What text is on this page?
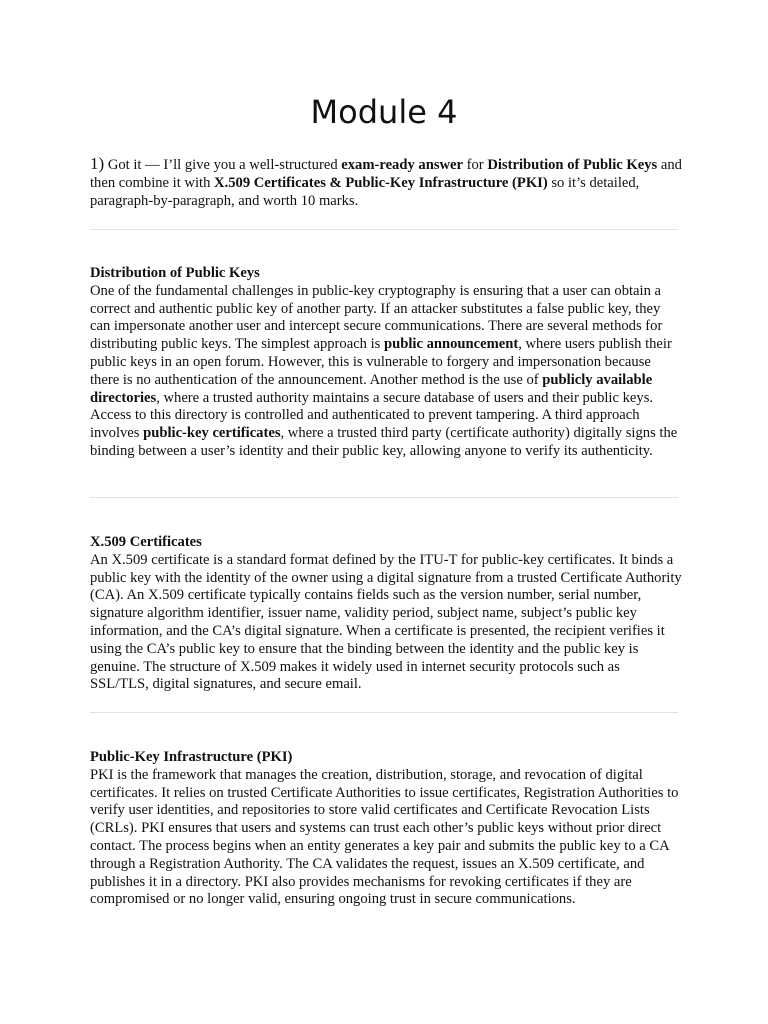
Module 4

1) Got it — I’ll give you a well-structured exam-ready answer for Distribution of Public Keys and then combine it with X.509 Certificates & Public-Key Infrastructure (PKI) so it’s detailed, paragraph-by-paragraph, and worth 10 marks.

Distribution of Public Keys

One of the fundamental challenges in public-key cryptography is ensuring that a user can obtain a correct and authentic public key of another party. If an attacker substitutes a false public key, they can impersonate another user and intercept secure communications. There are several methods for distributing public keys. The simplest approach is public announcement, where users publish their public keys in an open forum. However, this is vulnerable to forgery and impersonation because there is no authentication of the announcement. Another method is the use of publicly available directories, where a trusted authority maintains a secure database of users and their public keys. Access to this directory is controlled and authenticated to prevent tampering. A third approach involves public-key certificates, where a trusted third party (certificate authority) digitally signs the binding between a user’s identity and their public key, allowing anyone to verify its authenticity.

X.509 Certificates

An X.509 certificate is a standard format defined by the ITU-T for public-key certificates. It binds a public key with the identity of the owner using a digital signature from a trusted Certificate Authority (CA). An X.509 certificate typically contains fields such as the version number, serial number, signature algorithm identifier, issuer name, validity period, subject name, subject’s public key information, and the CA’s digital signature. When a certificate is presented, the recipient verifies it using the CA’s public key to ensure that the binding between the identity and the public key is genuine. The structure of X.509 makes it widely used in internet security protocols such as SSL/TLS, digital signatures, and secure email.

Public-Key Infrastructure (PKI)

PKI is the framework that manages the creation, distribution, storage, and revocation of digital certificates. It relies on trusted Certificate Authorities to issue certificates, Registration Authorities to verify user identities, and repositories to store valid certificates and Certificate Revocation Lists (CRLs). PKI ensures that users and systems can trust each other’s public keys without prior direct contact. The process begins when an entity generates a key pair and submits the public key to a CA through a Registration Authority. The CA validates the request, issues an X.509 certificate, and publishes it in a directory. PKI also provides mechanisms for revoking certificates if they are compromised or no longer valid, ensuring ongoing trust in secure communications.
